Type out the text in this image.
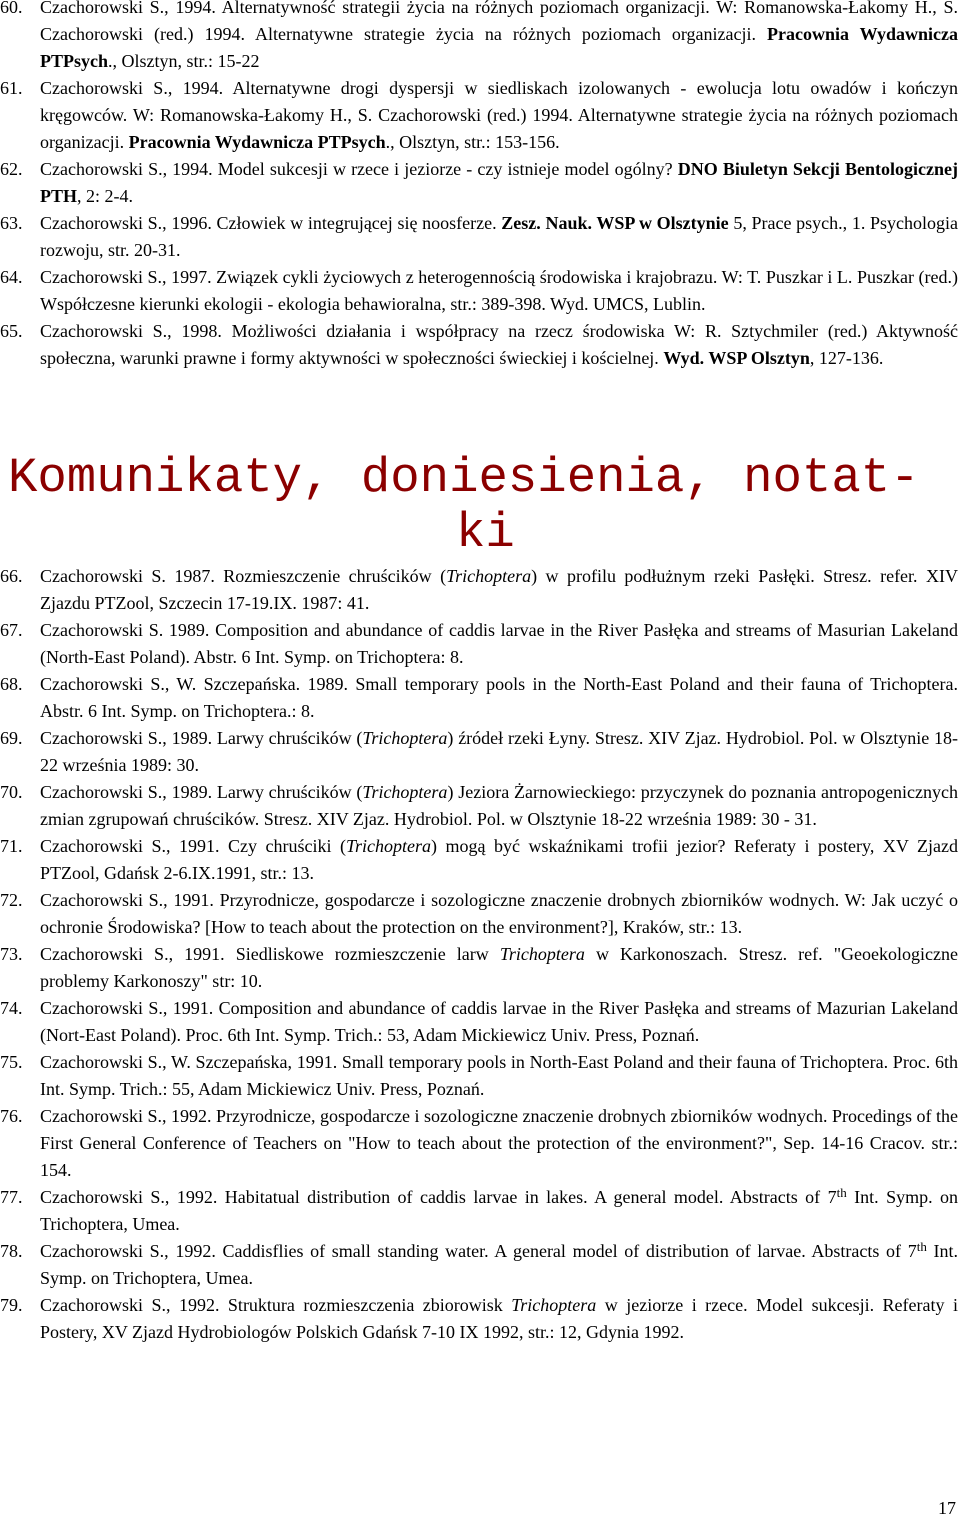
60. Czachorowski S., 1994. Alternatywność strategii życia na różnych poziomach organizacji. W: Romanowska-Łakomy H., S. Czachorowski (red.) 1994. Alternatywne strategie życia na różnych poziomach organizacji. Pracownia Wydawnicza PTPsych., Olsztyn, str.: 15-22
61. Czachorowski S., 1994. Alternatywne drogi dyspersji w siedliskach izolowanych - ewolucja lotu owadów i kończyn kręgowców. W: Romanowska-Łakomy H., S. Czachorowski (red.) 1994. Alternatywne strategie życia na różnych poziomach organizacji. Pracownia Wydawnicza PTPsych., Olsztyn, str.: 153-156.
62. Czachorowski S., 1994. Model sukcesji w rzece i jeziorze - czy istnieje model ogólny? DNO Biuletyn Sekcji Bentologicznej PTH, 2: 2-4.
63. Czachorowski S., 1996. Człowiek w integrującej się noosferze. Zesz. Nauk. WSP w Olsztynie 5, Prace psych., 1. Psychologia rozwoju, str. 20-31.
64. Czachorowski S., 1997. Związek cykli życiowych z heterogennością środowiska i krajobrazu. W: T. Puszkar i L. Puszkar (red.) Współczesne kierunki ekologii - ekologia behawioralna, str.: 389-398. Wyd. UMCS, Lublin.
65. Czachorowski S., 1998. Możliwości działania i współpracy na rzecz środowiska W: R. Sztychmiler (red.) Aktywność społeczna, warunki prawne i formy aktywności w społeczności świeckiej i kościelnej. Wyd. WSP Olsztyn, 127-136.
Komunikaty, doniesienia, notat-
ki
66. Czachorowski S. 1987. Rozmieszczenie chruścików (Trichoptera) w profilu podłużnym rzeki Pasłęki. Stresz. refer. XIV Zjazdu PTZool, Szczecin 17-19.IX. 1987: 41.
67. Czachorowski S. 1989. Composition and abundance of caddis larvae in the River Pasłęka and streams of Masurian Lakeland (North-East Poland). Abstr. 6 Int. Symp. on Trichoptera: 8.
68. Czachorowski S., W. Szczepańska. 1989. Small temporary pools in the North-East Poland and their fauna of Trichoptera. Abstr. 6 Int. Symp. on Trichoptera.: 8.
69. Czachorowski S., 1989. Larwy chruścików (Trichoptera) źródeł rzeki Łyny. Stresz. XIV Zjaz. Hydrobiol. Pol. w Olsztynie 18-22 września 1989: 30.
70. Czachorowski S., 1989. Larwy chruścików (Trichoptera) Jeziora Żarnowieckiego: przyczynek do poznania antropogenicznych zmian zgrupowań chruścików. Stresz. XIV Zjaz. Hydrobiol. Pol. w Olsztynie 18-22 września 1989: 30 - 31.
71. Czachorowski S., 1991. Czy chruściki (Trichoptera) mogą być wskaźnikami trofii jezior? Referaty i postery, XV Zjazd PTZool, Gdańsk 2-6.IX.1991, str.: 13.
72. Czachorowski S., 1991. Przyrodnicze, gospodarcze i sozologiczne znaczenie drobnych zbiorników wodnych. W: Jak uczyć o ochronie Środowiska? [How to teach about the protection on the environment?], Kraków, str.: 13.
73. Czachorowski S., 1991. Siedliskowe rozmieszczenie larw Trichoptera w Karkonoszach. Stresz. ref. "Geoekologiczne problemy Karkonoszy" str: 10.
74. Czachorowski S., 1991. Composition and abundance of caddis larvae in the River Pasłęka and streams of Mazurian Lakeland (Nort-East Poland). Proc. 6th Int. Symp. Trich.: 53, Adam Mickiewicz Univ. Press, Poznań.
75. Czachorowski S., W. Szczepańska, 1991. Small temporary pools in North-East Poland and their fauna of Trichoptera. Proc. 6th Int. Symp. Trich.: 55, Adam Mickiewicz Univ. Press, Poznań.
76. Czachorowski S., 1992. Przyrodnicze, gospodarcze i sozologiczne znaczenie drobnych zbiorników wodnych. Procedings of the First General Conference of Teachers on "How to teach about the protection of the environment?", Sep. 14-16 Cracov. str.: 154.
77. Czachorowski S., 1992. Habitatual distribution of caddis larvae in lakes. A general model. Abstracts of 7th Int. Symp. on Trichoptera, Umea.
78. Czachorowski S., 1992. Caddisflies of small standing water. A general model of distribution of larvae. Abstracts of 7th Int. Symp. on Trichoptera, Umea.
79. Czachorowski S., 1992. Struktura rozmieszczenia zbiorowisk Trichoptera w jeziorze i rzece. Model sukcesji. Referaty i Postery, XV Zjazd Hydrobiologów Polskich Gdańsk 7-10 IX 1992, str.: 12, Gdynia 1992.
17
